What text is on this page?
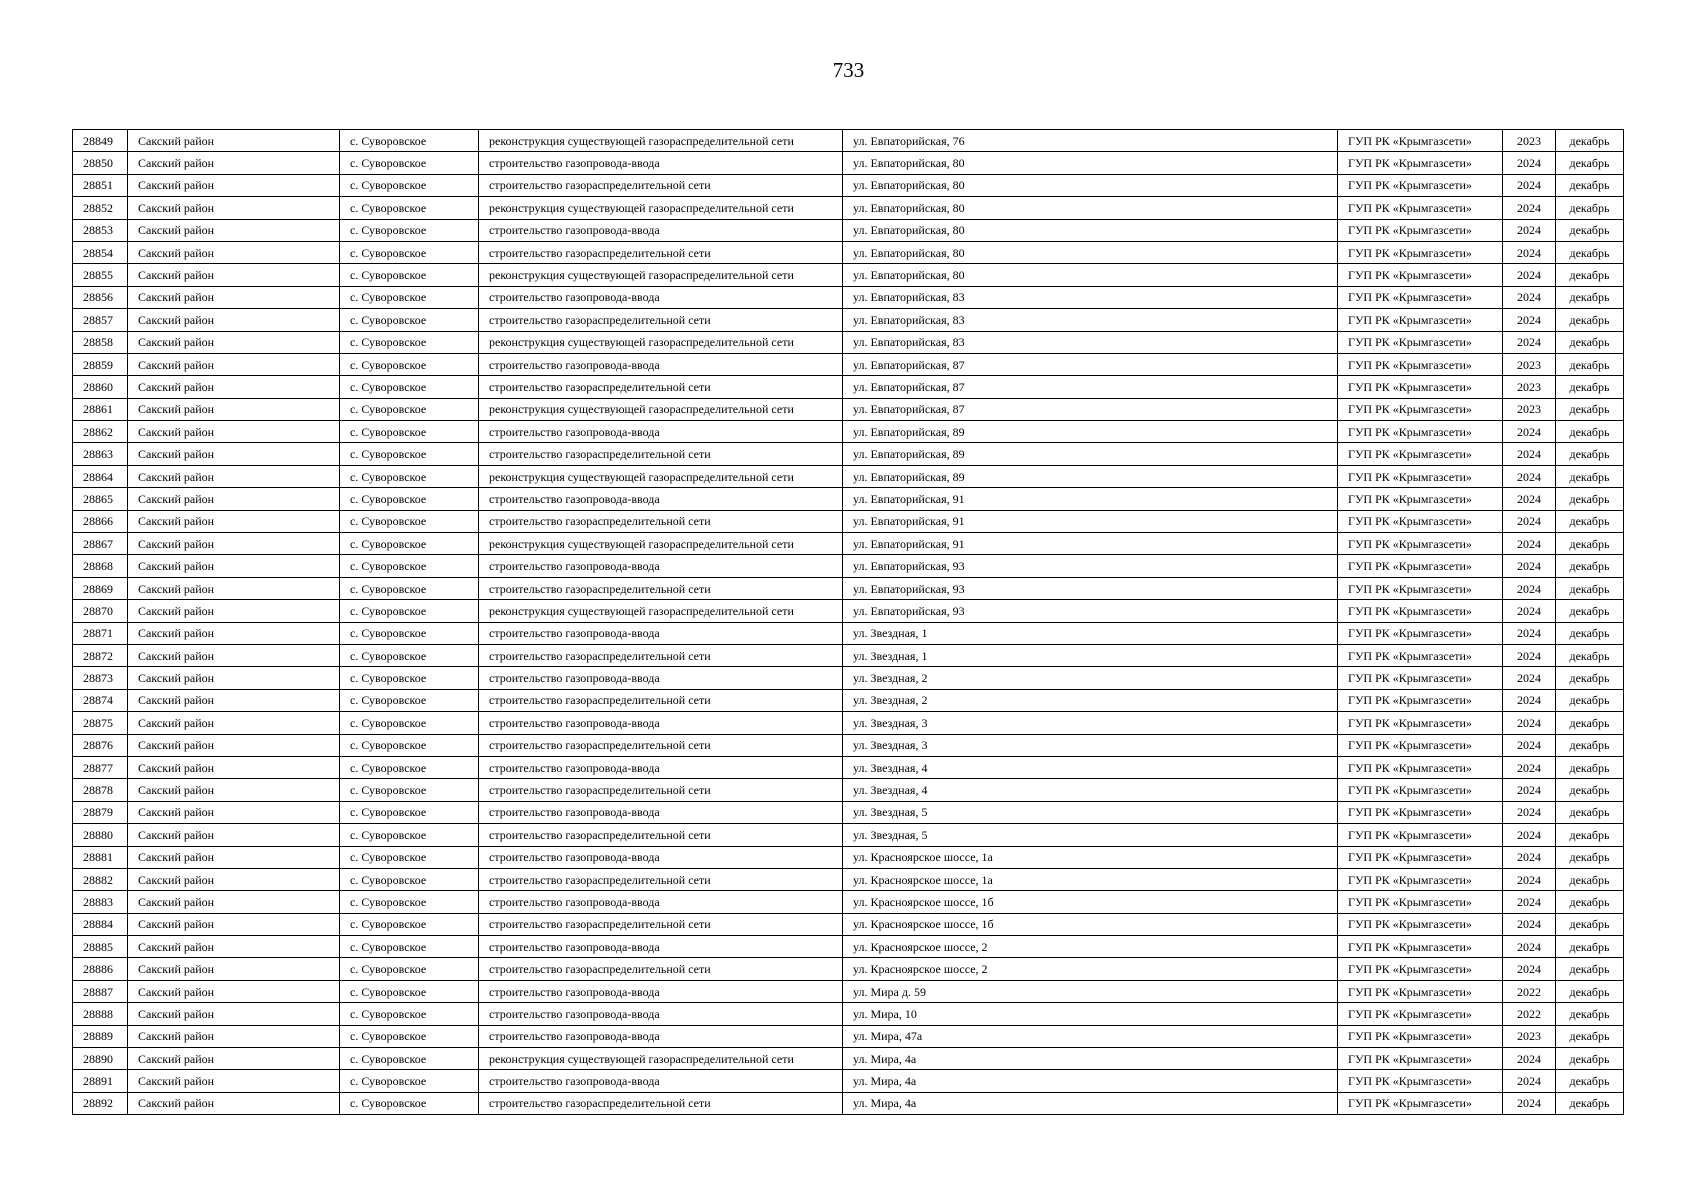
733
28849	Сакский район	с. Суворовское	реконструкция существующей газораспределительной сети	ул. Евпаторийская, 76	ГУП РК «Крымгазсети»	2023	декабрь
28850	Сакский район	с. Суворовское	строительство газопровода-ввода	ул. Евпаторийская, 80	ГУП РК «Крымгазсети»	2024	декабрь
28851	Сакский район	с. Суворовское	строительство газораспределительной сети	ул. Евпаторийская, 80	ГУП РК «Крымгазсети»	2024	декабрь
28852	Сакский район	с. Суворовское	реконструкция существующей газораспределительной сети	ул. Евпаторийская, 80	ГУП РК «Крымгазсети»	2024	декабрь
28853	Сакский район	с. Суворовское	строительство газопровода-ввода	ул. Евпаторийская, 80	ГУП РК «Крымгазсети»	2024	декабрь
28854	Сакский район	с. Суворовское	строительство газораспределительной сети	ул. Евпаторийская, 80	ГУП РК «Крымгазсети»	2024	декабрь
28855	Сакский район	с. Суворовское	реконструкция существующей газораспределительной сети	ул. Евпаторийская, 80	ГУП РК «Крымгазсети»	2024	декабрь
28856	Сакский район	с. Суворовское	строительство газопровода-ввода	ул. Евпаторийская, 83	ГУП РК «Крымгазсети»	2024	декабрь
28857	Сакский район	с. Суворовское	строительство газораспределительной сети	ул. Евпаторийская, 83	ГУП РК «Крымгазсети»	2024	декабрь
28858	Сакский район	с. Суворовское	реконструкция существующей газораспределительной сети	ул. Евпаторийская, 83	ГУП РК «Крымгазсети»	2024	декабрь
28859	Сакский район	с. Суворовское	строительство газопровода-ввода	ул. Евпаторийская, 87	ГУП РК «Крымгазсети»	2023	декабрь
28860	Сакский район	с. Суворовское	строительство газораспределительной сети	ул. Евпаторийская, 87	ГУП РК «Крымгазсети»	2023	декабрь
28861	Сакский район	с. Суворовское	реконструкция существующей газораспределительной сети	ул. Евпаторийская, 87	ГУП РК «Крымгазсети»	2023	декабрь
28862	Сакский район	с. Суворовское	строительство газопровода-ввода	ул. Евпаторийская, 89	ГУП РК «Крымгазсети»	2024	декабрь
28863	Сакский район	с. Суворовское	строительство газораспределительной сети	ул. Евпаторийская, 89	ГУП РК «Крымгазсети»	2024	декабрь
28864	Сакский район	с. Суворовское	реконструкция существующей газораспределительной сети	ул. Евпаторийская, 89	ГУП РК «Крымгазсети»	2024	декабрь
28865	Сакский район	с. Суворовское	строительство газопровода-ввода	ул. Евпаторийская, 91	ГУП РК «Крымгазсети»	2024	декабрь
28866	Сакский район	с. Суворовское	строительство газораспределительной сети	ул. Евпаторийская, 91	ГУП РК «Крымгазсети»	2024	декабрь
28867	Сакский район	с. Суворовское	реконструкция существующей газораспределительной сети	ул. Евпаторийская, 91	ГУП РК «Крымгазсети»	2024	декабрь
28868	Сакский район	с. Суворовское	строительство газопровода-ввода	ул. Евпаторийская, 93	ГУП РК «Крымгазсети»	2024	декабрь
28869	Сакский район	с. Суворовское	строительство газораспределительной сети	ул. Евпаторийская, 93	ГУП РК «Крымгазсети»	2024	декабрь
28870	Сакский район	с. Суворовское	реконструкция существующей газораспределительной сети	ул. Евпаторийская, 93	ГУП РК «Крымгазсети»	2024	декабрь
28871	Сакский район	с. Суворовское	строительство газопровода-ввода	ул. Звездная, 1	ГУП РК «Крымгазсети»	2024	декабрь
28872	Сакский район	с. Суворовское	строительство газораспределительной сети	ул. Звездная, 1	ГУП РК «Крымгазсети»	2024	декабрь
28873	Сакский район	с. Суворовское	строительство газопровода-ввода	ул. Звездная, 2	ГУП РК «Крымгазсети»	2024	декабрь
28874	Сакский район	с. Суворовское	строительство газораспределительной сети	ул. Звездная, 2	ГУП РК «Крымгазсети»	2024	декабрь
28875	Сакский район	с. Суворовское	строительство газопровода-ввода	ул. Звездная, 3	ГУП РК «Крымгазсети»	2024	декабрь
28876	Сакский район	с. Суворовское	строительство газораспределительной сети	ул. Звездная, 3	ГУП РК «Крымгазсети»	2024	декабрь
28877	Сакский район	с. Суворовское	строительство газопровода-ввода	ул. Звездная, 4	ГУП РК «Крымгазсети»	2024	декабрь
28878	Сакский район	с. Суворовское	строительство газораспределительной сети	ул. Звездная, 4	ГУП РК «Крымгазсети»	2024	декабрь
28879	Сакский район	с. Суворовское	строительство газопровода-ввода	ул. Звездная, 5	ГУП РК «Крымгазсети»	2024	декабрь
28880	Сакский район	с. Суворовское	строительство газораспределительной сети	ул. Звездная, 5	ГУП РК «Крымгазсети»	2024	декабрь
28881	Сакский район	с. Суворовское	строительство газопровода-ввода	ул. Красноярское шоссе, 1а	ГУП РК «Крымгазсети»	2024	декабрь
28882	Сакский район	с. Суворовское	строительство газораспределительной сети	ул. Красноярское шоссе, 1а	ГУП РК «Крымгазсети»	2024	декабрь
28883	Сакский район	с. Суворовское	строительство газопровода-ввода	ул. Красноярское шоссе, 1б	ГУП РК «Крымгазсети»	2024	декабрь
28884	Сакский район	с. Суворовское	строительство газораспределительной сети	ул. Красноярское шоссе, 1б	ГУП РК «Крымгазсети»	2024	декабрь
28885	Сакский район	с. Суворовское	строительство газопровода-ввода	ул. Красноярское шоссе, 2	ГУП РК «Крымгазсети»	2024	декабрь
28886	Сакский район	с. Суворовское	строительство газораспределительной сети	ул. Красноярское шоссе, 2	ГУП РК «Крымгазсети»	2024	декабрь
28887	Сакский район	с. Суворовское	строительство газопровода-ввода	ул. Мира д. 59	ГУП РК «Крымгазсети»	2022	декабрь
28888	Сакский район	с. Суворовское	строительство газопровода-ввода	ул. Мира, 10	ГУП РК «Крымгазсети»	2022	декабрь
28889	Сакский район	с. Суворовское	строительство газопровода-ввода	ул. Мира, 47а	ГУП РК «Крымгазсети»	2023	декабрь
28890	Сакский район	с. Суворовское	реконструкция существующей газораспределительной сети	ул. Мира, 4а	ГУП РК «Крымгазсети»	2024	декабрь
28891	Сакский район	с. Суворовское	строительство газопровода-ввода	ул. Мира, 4а	ГУП РК «Крымгазсети»	2024	декабрь
28892	Сакский район	с. Суворовское	строительство газораспределительной сети	ул. Мира, 4а	ГУП РК «Крымгазсети»	2024	декабрь
